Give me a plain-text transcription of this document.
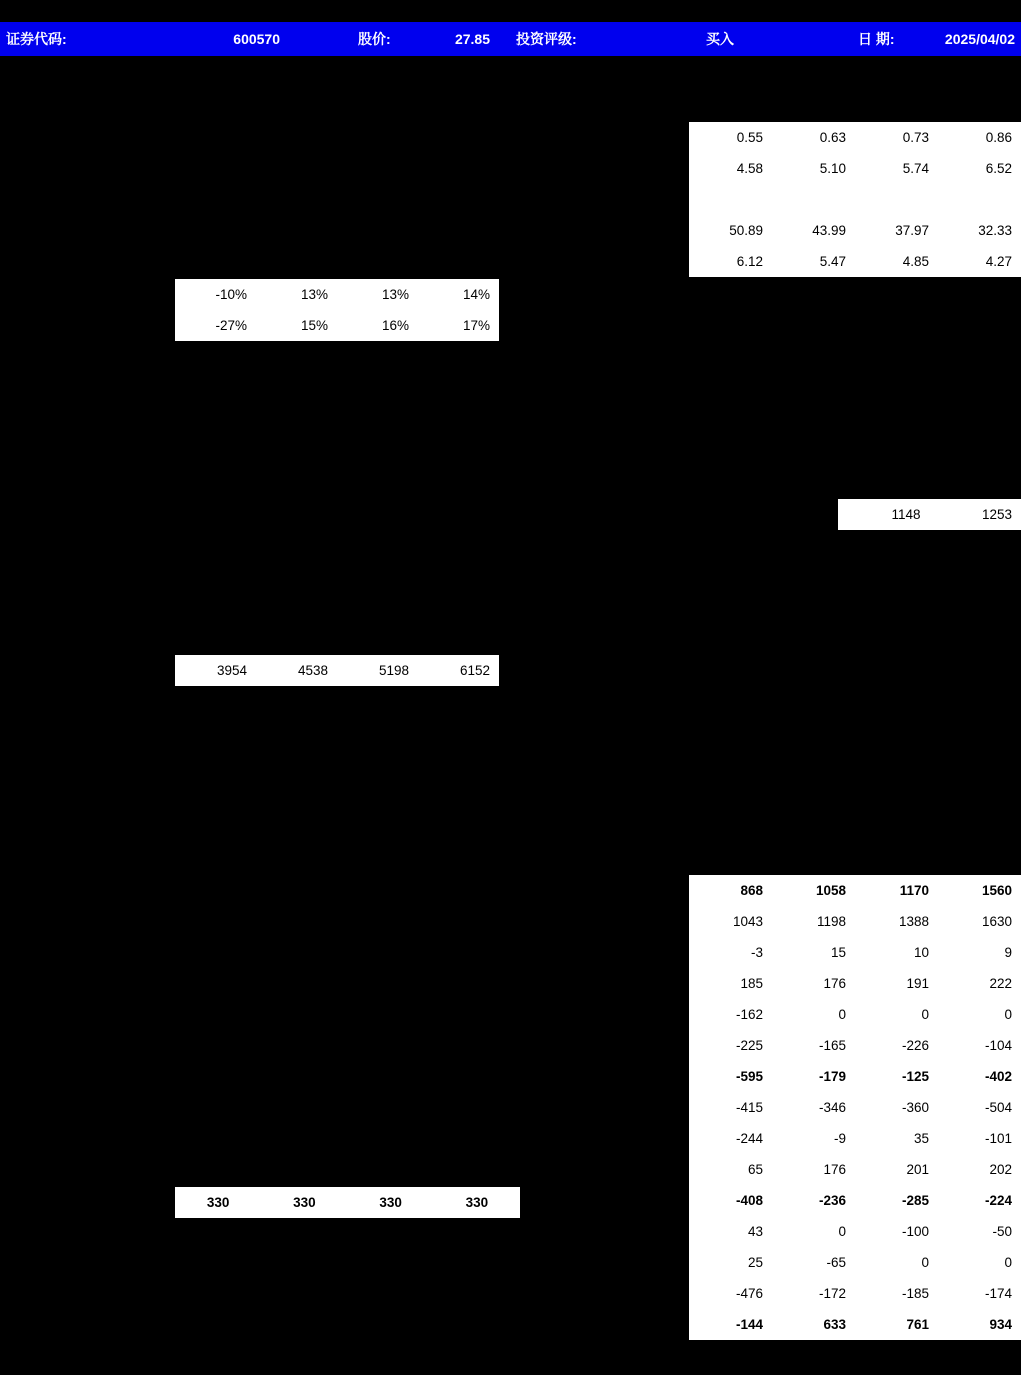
证券代码:	600570	股价:	27.85 投资评级:	买入	日 期:	2025/04/02
0.55	0.63	0.73	0.86
4.58	5.10	5.74	6.52
50.89	43.99	37.97	32.33
6.12	5.47	4.85	4.27
-10%	13%	13%	14%
-27%	15%	16%	17%
1148	1253
3954	4538	5198	6152
868	1058	1170	1560
1043	1198	1388	1630
-3	15	10	9
185	176	191	222
-162	0	0	0
-225	-165	-226	-104
-595	-179	-125	-402
-415	-346	-360	-504
-244	-9	35	-101
65	176	201	202
-408	-236	-285	-224
43	0	-100	-50
25	-65	0	0
-476	-172	-185	-174
-144	633	761	934
330	330	330	330
